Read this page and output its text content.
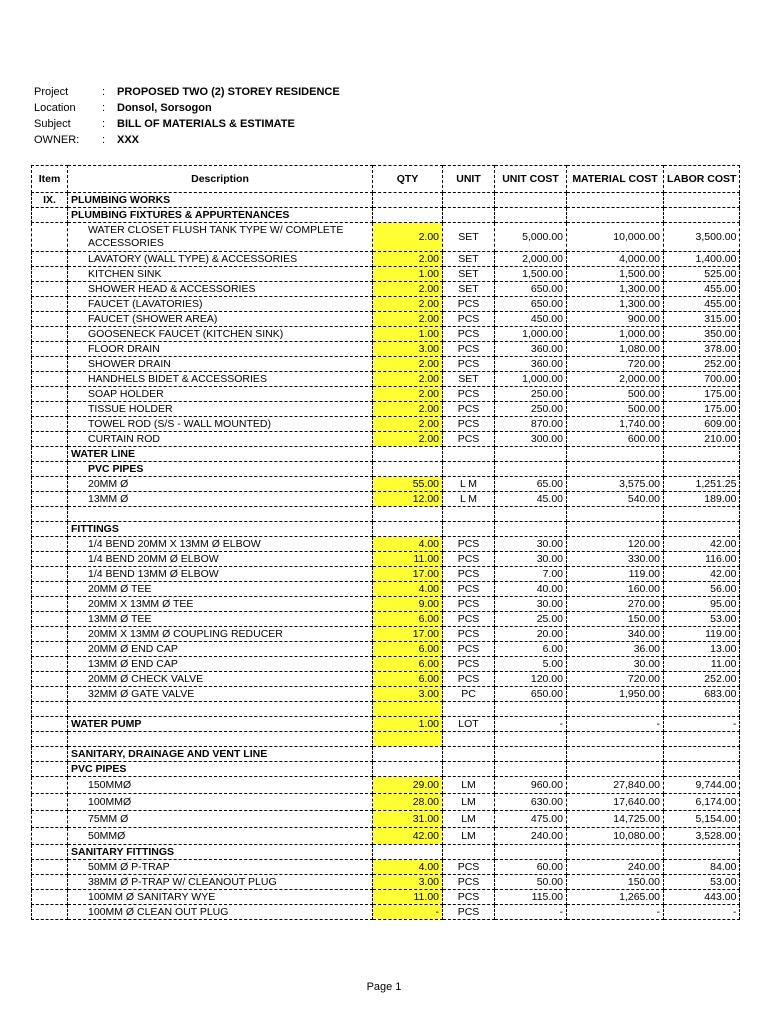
Project	: PROPOSED TWO (2) STOREY RESIDENCE
Location : Donsol, Sorsogon
Subject	: BILL OF MATERIALS & ESTIMATE
OWNER: : XXX
Item	Description	QTY	UNIT	UNIT COST	MATERIAL COST	LABOR COST
IX.	PLUMBING WORKS					
	PLUMBING FIXTURES & APPURTENANCES					
	WATER CLOSET FLUSH TANK TYPE W/ COMPLETE ACCESSORIES	2.00	SET	5,000.00	10,000.00	3,500.00
	LAVATORY (WALL TYPE) & ACCESSORIES	2.00	SET	2,000.00	4,000.00	1,400.00
	KITCHEN SINK	1.00	SET	1,500.00	1,500.00	525.00
	SHOWER HEAD & ACCESSORIES	2.00	SET	650.00	1,300.00	455.00
	FAUCET (LAVATORIES)	2.00	PCS	650.00	1,300.00	455.00
	FAUCET (SHOWER AREA)	2.00	PCS	450.00	900.00	315.00
	GOOSENECK FAUCET (KITCHEN SINK)	1.00	PCS	1,000.00	1,000.00	350.00
	FLOOR DRAIN	3.00	PCS	360.00	1,080.00	378.00
	SHOWER DRAIN	2.00	PCS	360.00	720.00	252.00
	HANDHELS BIDET & ACCESSORIES	2.00	SET	1,000.00	2,000.00	700.00
	SOAP HOLDER	2.00	PCS	250.00	500.00	175.00
	TISSUE HOLDER	2.00	PCS	250.00	500.00	175.00
	TOWEL ROD (S/S - WALL MOUNTED)	2.00	PCS	870.00	1,740.00	609.00
	CURTAIN ROD	2.00	PCS	300.00	600.00	210.00
	WATER LINE					
	PVC PIPES					
	20MM Ø	55.00	L M	65.00	3,575.00	1,251.25
	13MM Ø	12.00	L M	45.00	540.00	189.00

	FITTINGS					
	1/4 BEND 20MM X 13MM Ø ELBOW	4.00	PCS	30.00	120.00	42.00
	1/4 BEND 20MM Ø ELBOW	11.00	PCS	30.00	330.00	116.00
	1/4 BEND 13MM Ø ELBOW	17.00	PCS	7.00	119.00	42.00
	20MM Ø TEE	4.00	PCS	40.00	160.00	56.00
	20MM X 13MM Ø TEE	9.00	PCS	30.00	270.00	95.00
	13MM Ø TEE	6.00	PCS	25.00	150.00	53.00
	20MM X 13MM Ø COUPLING REDUCER	17.00	PCS	20.00	340.00	119.00
	20MM Ø END CAP	6.00	PCS	6.00	36.00	13.00
	13MM Ø END CAP	6.00	PCS	5.00	30.00	11.00
	20MM Ø CHECK VALVE	6.00	PCS	120.00	720.00	252.00
	32MM Ø GATE VALVE	3.00	PC	650.00	1,950.00	683.00

	WATER PUMP	1.00	LOT	-	-	-

	SANITARY, DRAINAGE AND VENT LINE					
	PVC PIPES					
	150MMØ	29.00	LM	960.00	27,840.00	9,744.00
	100MMØ	28.00	LM	630.00	17,640.00	6,174.00
	75MM Ø	31.00	LM	475.00	14,725.00	5,154.00
	50MMØ	42.00	LM	240.00	10,080.00	3,528.00
	SANITARY FITTINGS					
	50MM Ø P-TRAP	4.00	PCS	60.00	240.00	84.00
	38MM Ø P-TRAP W/ CLEANOUT PLUG	3.00	PCS	50.00	150.00	53.00
	100MM Ø SANITARY WYE	11.00	PCS	115.00	1,265.00	443.00
	100MM Ø CLEAN OUT PLUG	-	PCS	-	-	-
Page 1
